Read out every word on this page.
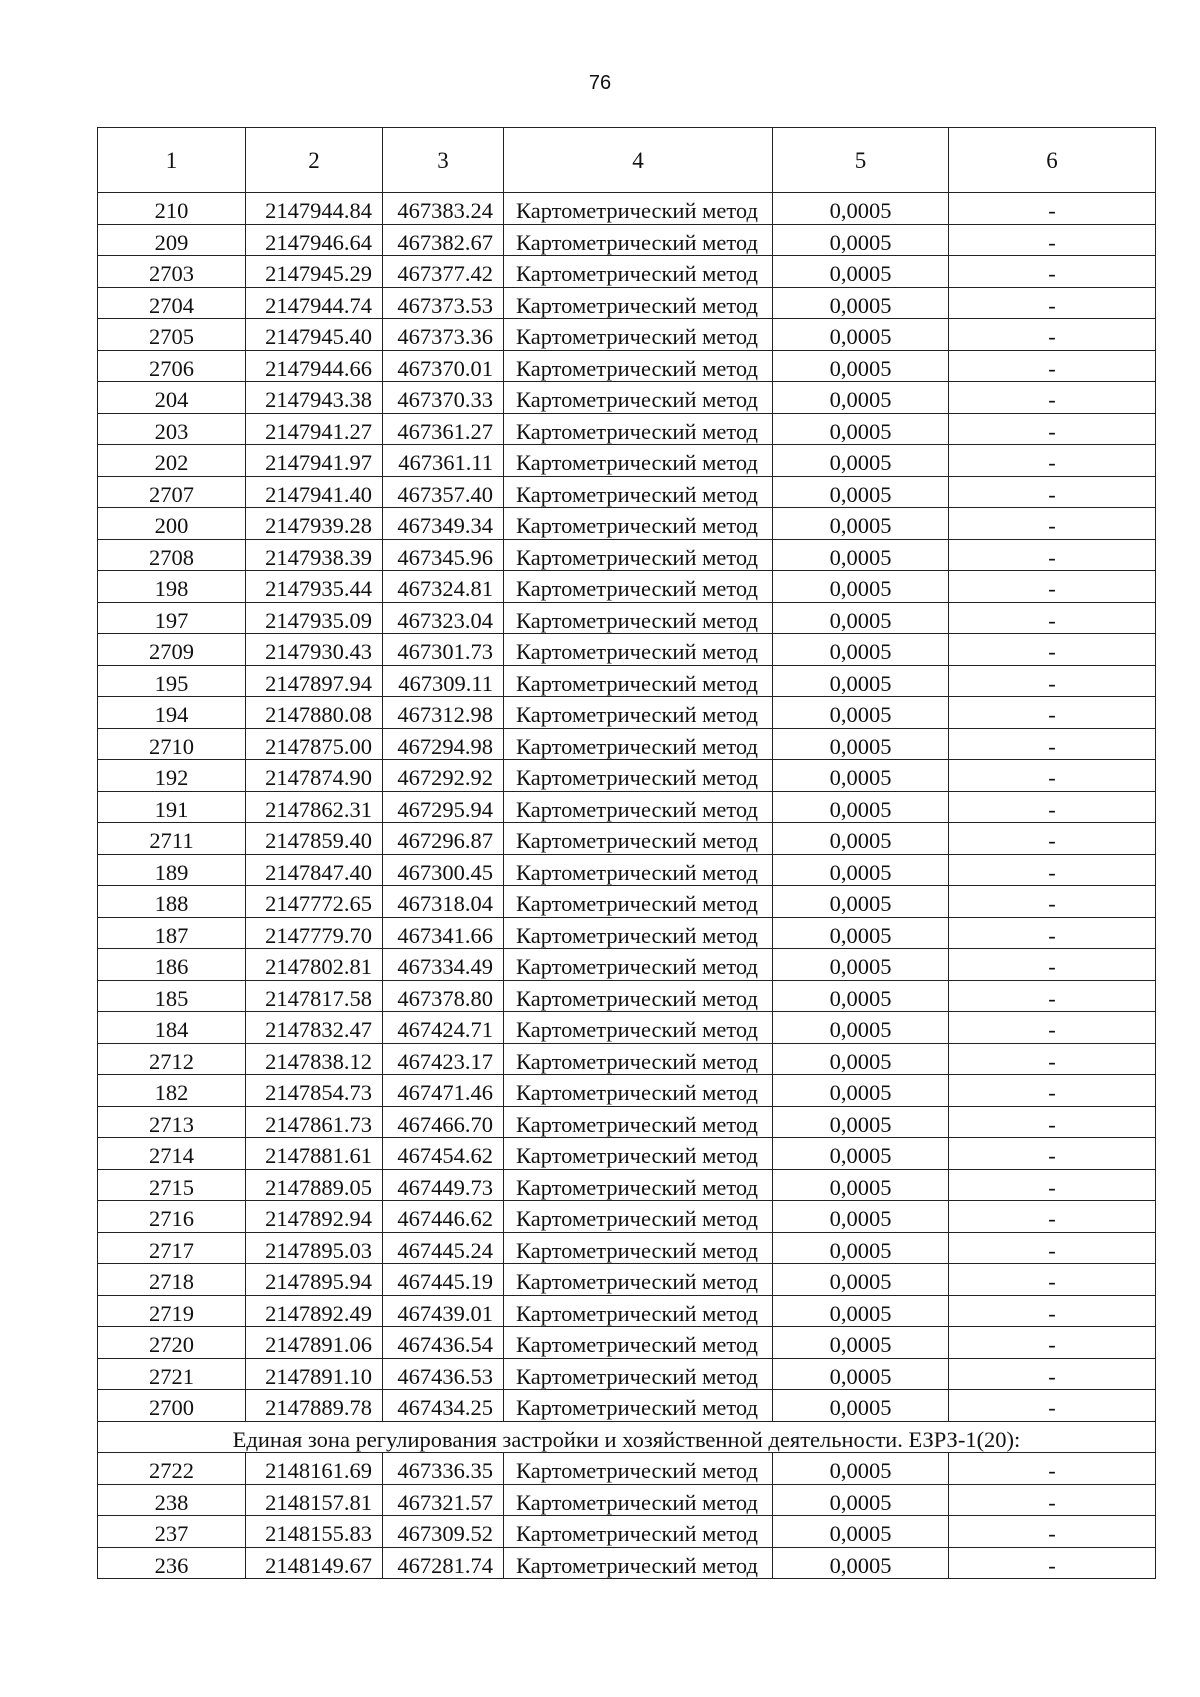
76
1	2	3	4	5	6
210	2147944.84	467383.24	Картометрический метод	0,0005	-
209	2147946.64	467382.67	Картометрический метод	0,0005	-
2703	2147945.29	467377.42	Картометрический метод	0,0005	-
2704	2147944.74	467373.53	Картометрический метод	0,0005	-
2705	2147945.40	467373.36	Картометрический метод	0,0005	-
2706	2147944.66	467370.01	Картометрический метод	0,0005	-
204	2147943.38	467370.33	Картометрический метод	0,0005	-
203	2147941.27	467361.27	Картометрический метод	0,0005	-
202	2147941.97	467361.11	Картометрический метод	0,0005	-
2707	2147941.40	467357.40	Картометрический метод	0,0005	-
200	2147939.28	467349.34	Картометрический метод	0,0005	-
2708	2147938.39	467345.96	Картометрический метод	0,0005	-
198	2147935.44	467324.81	Картометрический метод	0,0005	-
197	2147935.09	467323.04	Картометрический метод	0,0005	-
2709	2147930.43	467301.73	Картометрический метод	0,0005	-
195	2147897.94	467309.11	Картометрический метод	0,0005	-
194	2147880.08	467312.98	Картометрический метод	0,0005	-
2710	2147875.00	467294.98	Картометрический метод	0,0005	-
192	2147874.90	467292.92	Картометрический метод	0,0005	-
191	2147862.31	467295.94	Картометрический метод	0,0005	-
2711	2147859.40	467296.87	Картометрический метод	0,0005	-
189	2147847.40	467300.45	Картометрический метод	0,0005	-
188	2147772.65	467318.04	Картометрический метод	0,0005	-
187	2147779.70	467341.66	Картометрический метод	0,0005	-
186	2147802.81	467334.49	Картометрический метод	0,0005	-
185	2147817.58	467378.80	Картометрический метод	0,0005	-
184	2147832.47	467424.71	Картометрический метод	0,0005	-
2712	2147838.12	467423.17	Картометрический метод	0,0005	-
182	2147854.73	467471.46	Картометрический метод	0,0005	-
2713	2147861.73	467466.70	Картометрический метод	0,0005	-
2714	2147881.61	467454.62	Картометрический метод	0,0005	-
2715	2147889.05	467449.73	Картометрический метод	0,0005	-
2716	2147892.94	467446.62	Картометрический метод	0,0005	-
2717	2147895.03	467445.24	Картометрический метод	0,0005	-
2718	2147895.94	467445.19	Картометрический метод	0,0005	-
2719	2147892.49	467439.01	Картометрический метод	0,0005	-
2720	2147891.06	467436.54	Картометрический метод	0,0005	-
2721	2147891.10	467436.53	Картометрический метод	0,0005	-
2700	2147889.78	467434.25	Картометрический метод	0,0005	-
Единая зона регулирования застройки и хозяйственной деятельности. ЕЗРЗ-1(20):					
2722	2148161.69	467336.35	Картометрический метод	0,0005	-
238	2148157.81	467321.57	Картометрический метод	0,0005	-
237	2148155.83	467309.52	Картометрический метод	0,0005	-
236	2148149.67	467281.74	Картометрический метод	0,0005	-
